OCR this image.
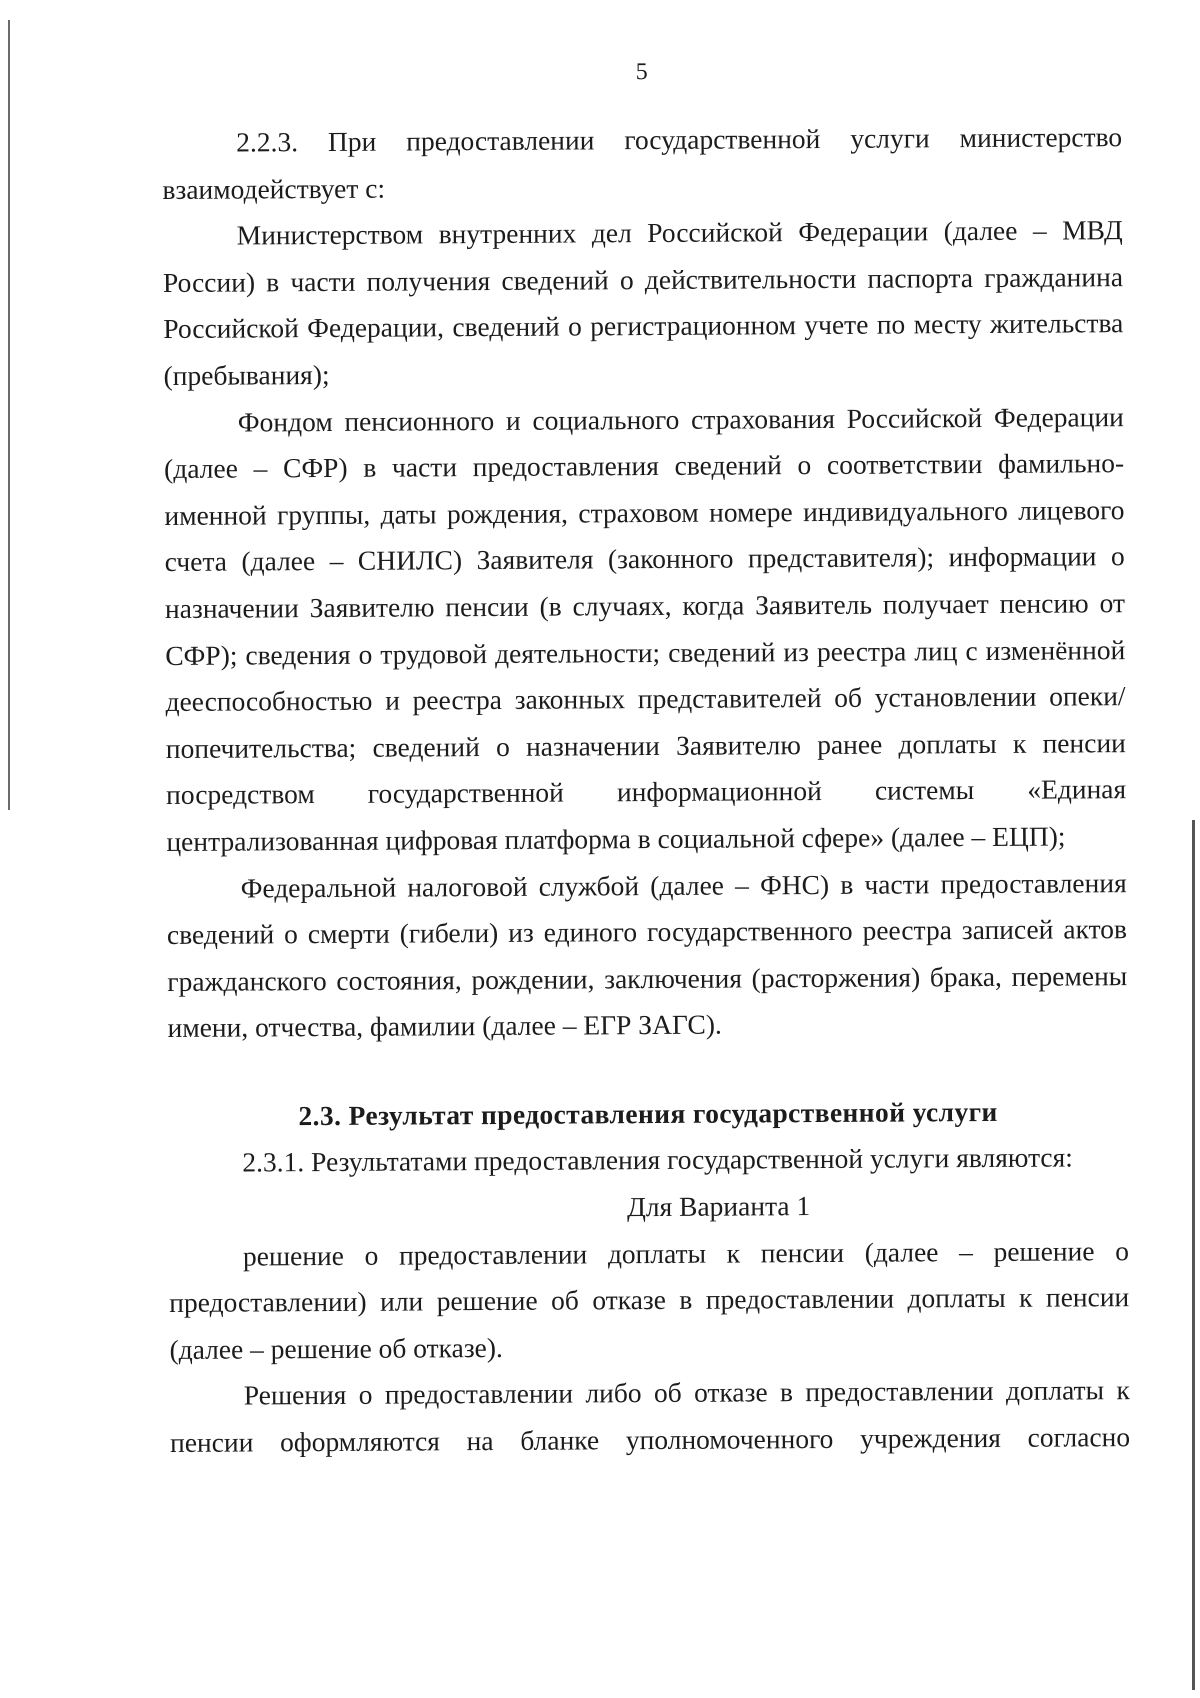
5

2.2.3. При предоставлении государственной услуги министерство взаимодействует с:

Министерством внутренних дел Российской Федерации (далее – МВД России) в части получения сведений о действительности паспорта гражданина Российской Федерации, сведений о регистрационном учете по месту жительства (пребывания);

Фондом пенсионного и социального страхования Российской Федерации (далее – СФР) в части предоставления сведений о соответствии фамильно-именной группы, даты рождения, страховом номере индивидуального лицевого счета (далее – СНИЛС) Заявителя (законного представителя); информации о назначении Заявителю пенсии (в случаях, когда Заявитель получает пенсию от СФР); сведения о трудовой деятельности; сведений из реестра лиц с изменённой дееспособностью и реестра законных представителей об установлении опеки/попечительства; сведений о назначении Заявителю ранее доплаты к пенсии посредством государственной информационной системы «Единая централизованная цифровая платформа в социальной сфере» (далее – ЕЦП);

Федеральной налоговой службой (далее – ФНС) в части предоставления сведений о смерти (гибели) из единого государственного реестра записей актов гражданского состояния, рождении, заключения (расторжения) брака, перемены имени, отчества, фамилии (далее – ЕГР ЗАГС).

2.3. Результат предоставления государственной услуги

2.3.1. Результатами предоставления государственной услуги являются:

Для Варианта 1

решение о предоставлении доплаты к пенсии (далее – решение о предоставлении) или решение об отказе в предоставлении доплаты к пенсии (далее – решение об отказе).

Решения о предоставлении либо об отказе в предоставлении доплаты к пенсии оформляются на бланке уполномоченного учреждения согласно
